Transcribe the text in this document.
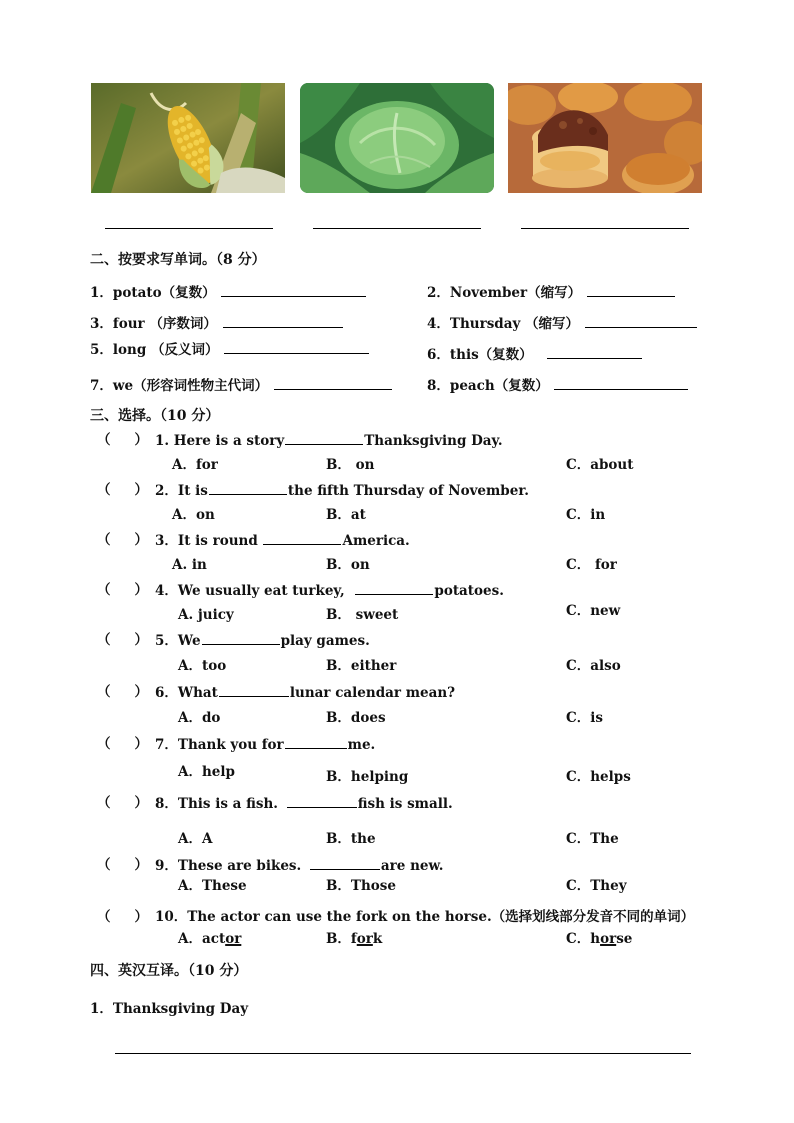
二、按要求写单词。（8 分）
1．potato（复数）	2．November（缩写）
3．four （序数词）	4．Thursday （缩写）
5．long （反义词）	6．this（复数）
7．we（形容词性物主代词）	8．peach（复数）
三、选择。（10 分）
（ ） 1. Here is a story	Thanksgiving Day.
A．for	B． on	C．about
（ ） 2．It is	the fifth Thursday of November.
A．on	B．at	C．in
（ ） 3．It is round	America.
A. in	B．on	C． for
（ ） 4．We usually eat turkey,	potatoes.
A. juicy	B． sweet	C．new
（ ） 5．We	play games.
A．too	B．either	C．also
（ ） 6．What	lunar calendar mean?
A．do	B．does	C．is
（ ） 7．Thank you for	me.
A．help	B．helping	C．helps
（ ） 8．This is a fish.	fish is small.
A．A	B．the	C．The
（ ） 9．These are bikes.	are new.
A．These	B．Those	C．They
（ ） 10．The actor can use the fork on the horse.（选择划线部分发音不同的单词）
A．actor	B．fork	C．horse
四、英汉互译。（10 分）
1．Thanksgiving Day
